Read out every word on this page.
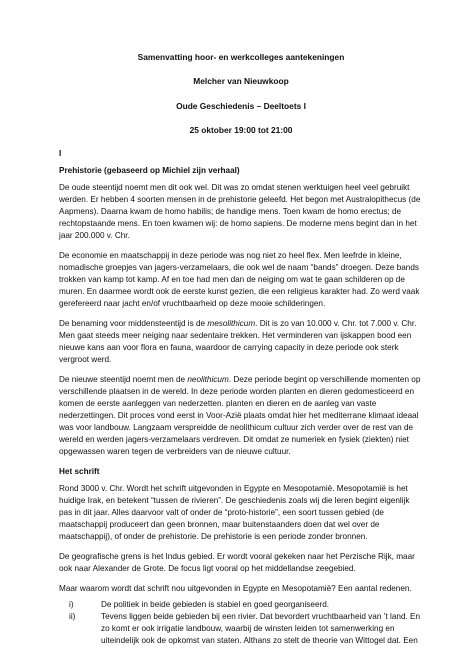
Samenvatting hoor- en werkcolleges aantekeningen
Melcher van Nieuwkoop
Oude Geschiedenis – Deeltoets I
25 oktober 19:00 tot 21:00
I
Prehistorie (gebaseerd op Michiel zijn verhaal)

De oude steentijd noemt men dit ook wel. Dit was zo omdat stenen werktuigen heel veel gebruikt werden. Er hebben 4 soorten mensen in de prehistorie geleefd. Het begon met Australopithecus (de Aapmens). Daarna kwam de homo habilis; de handige mens. Toen kwam de homo erectus; de rechtopstaande mens. En toen kwamen wij: de homo sapiens. De moderne mens begint dan in het jaar 200.000 v. Chr.

De economie en maatschappij in deze periode was nog niet zo heel flex. Men leefrde in kleine, nomadische groepjes van jagers-verzamelaars, die ook wel de naam “bands” droegen. Deze bands trokken van kamp tot kamp. Af en toe had men dan de neiging om wat te gaan schilderen op de muren. En daarmee wordt ook de eerste kunst gezien, die een religieus karakter had. Zo werd vaak gerefereerd naar jacht en/of vruchtbaarheid op deze mooie schilderingen.

De benaming voor middensteentijd is de mesolithicum. Dit is zo van 10.000 v. Chr. tot 7.000 v. Chr. Men gaat steeds meer neiging naar sedentaire trekken. Het verminderen van ijskappen bood een nieuwe kans aan voor flora en fauna, waardoor de carrying capacity in deze periode ook sterk vergroot werd.

De nieuwe steentijd noemt men de neolithicum. Deze periode begint op verschillende momenten op verschillende plaatsen in de wereld. In deze periode worden planten en dieren gedomesticeerd en komen de eerste aanleggen van nederzetten. planten en dieren en de aanleg van vaste nederzettingen. Dit proces vond eerst in Voor-Azië plaats omdat hier het mediterrane klimaat ideaal was voor landbouw. Langzaam verspreidde de neolithicum cultuur zich verder over de rest van de wereld en werden jagers-verzamelaars verdreven. Dit omdat ze numeriek en fysiek (ziekten) niet opgewassen waren tegen de verbreiders van de nieuwe cultuur.

Het schrift

Rond 3000 v. Chr. Wordt het schrift uitgevonden in Egypte en Mesopotamië. Mesopotamië is het huidige Irak, en betekent “tussen de rivieren”. De geschiedenis zoals wij die leren begint eigenlijk pas in dit jaar. Alles daarvoor valt of onder de “proto-historie”, een soort tussen gebied (de maatschappij produceert dan geen bronnen, maar buitenstaanders doen dat wel over de maatschappij), of onder de prehistorie. De prehistorie is een periode zonder bronnen.

De geografische grens is het Indus gebied. Er wordt vooral gekeken naar het Perzische Rijk, maar ook naar Alexander de Grote. De focus ligt vooral op het middellandse zeegebied.

Maar waarom wordt dat schrift nou uitgevonden in Egypte en Mesopotamië? Een aantal redenen.

i)	De politiek in beide gebieden is stabiel en goed georganiseerd.
ii)	Tevens liggen beide gebieden bij een rivier. Dat bevordert vruchtbaarheid van ’t land. En zo komt er ook irrigatie landbouw, waarbij de winsten leiden tot samenwerking en uiteindelijk ook de opkomst van staten. Althans zo stelt de theorie van Wittogel dat. Een
